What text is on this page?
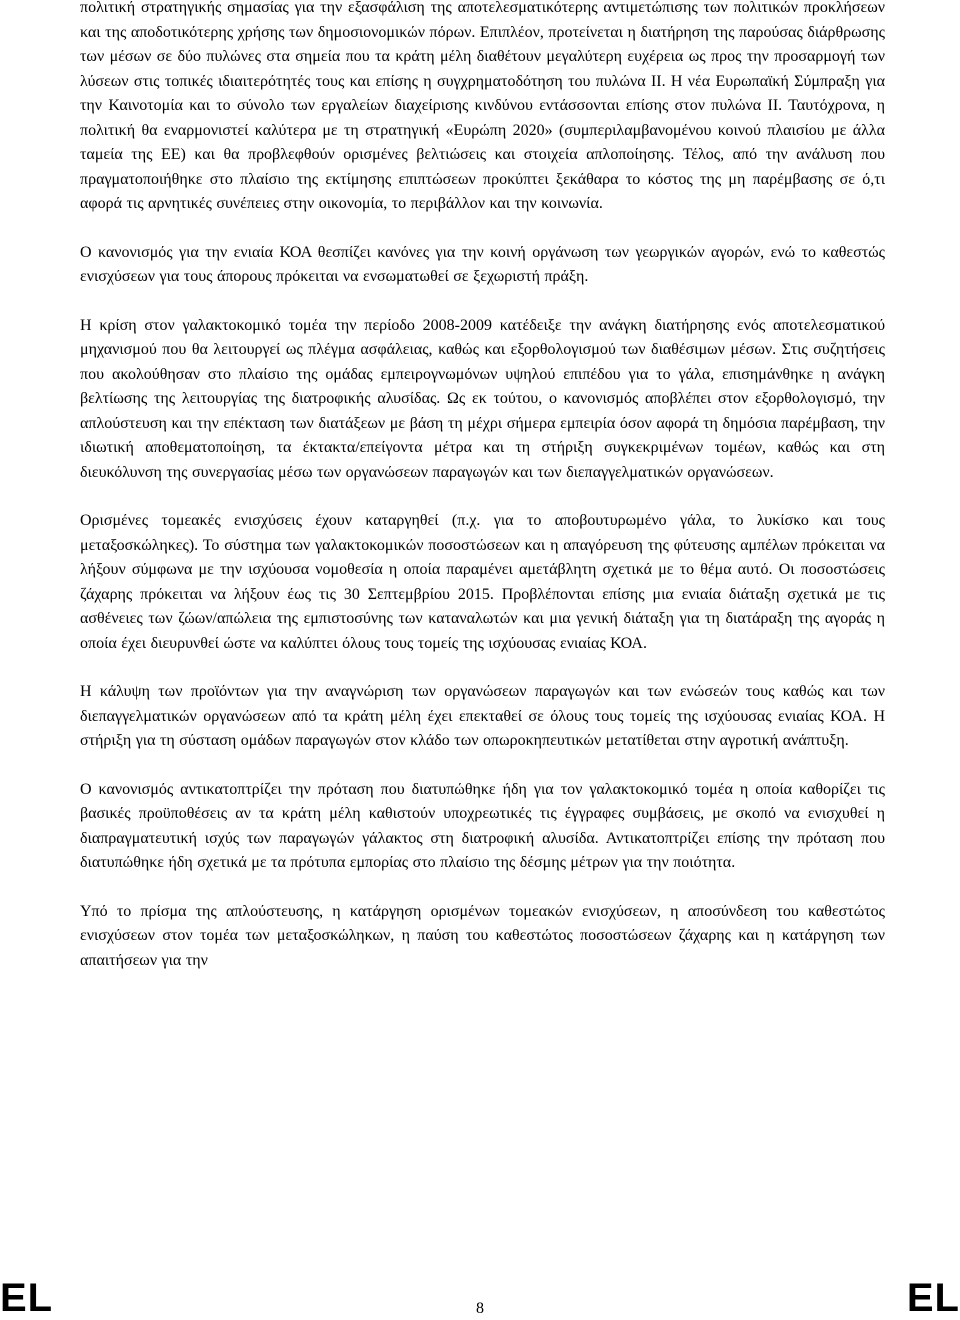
πολιτική στρατηγικής σημασίας για την εξασφάλιση της αποτελεσματικότερης αντιμετώπισης των πολιτικών προκλήσεων και της αποδοτικότερης χρήσης των δημοσιονομικών πόρων. Επιπλέον, προτείνεται η διατήρηση της παρούσας διάρθρωσης των μέσων σε δύο πυλώνες στα σημεία που τα κράτη μέλη διαθέτουν μεγαλύτερη ευχέρεια ως προς την προσαρμογή των λύσεων στις τοπικές ιδιαιτερότητές τους και επίσης η συγχρηματοδότηση του πυλώνα ΙΙ. Η νέα Ευρωπαϊκή Σύμπραξη για την Καινοτομία και το σύνολο των εργαλείων διαχείρισης κινδύνου εντάσσονται επίσης στον πυλώνα ΙΙ. Ταυτόχρονα, η πολιτική θα εναρμονιστεί καλύτερα με τη στρατηγική «Ευρώπη 2020» (συμπεριλαμβανομένου κοινού πλαισίου με άλλα ταμεία της ΕΕ) και θα προβλεφθούν ορισμένες βελτιώσεις και στοιχεία απλοποίησης. Τέλος, από την ανάλυση που πραγματοποιήθηκε στο πλαίσιο της εκτίμησης επιπτώσεων προκύπτει ξεκάθαρα το κόστος της μη παρέμβασης σε ό,τι αφορά τις αρνητικές συνέπειες στην οικονομία, το περιβάλλον και την κοινωνία.

Ο κανονισμός για την ενιαία ΚΟΑ θεσπίζει κανόνες για την κοινή οργάνωση των γεωργικών αγορών, ενώ το καθεστώς ενισχύσεων για τους άπορους πρόκειται να ενσωματωθεί σε ξεχωριστή πράξη.

Η κρίση στον γαλακτοκομικό τομέα την περίοδο 2008-2009 κατέδειξε την ανάγκη διατήρησης ενός αποτελεσματικού μηχανισμού που θα λειτουργεί ως πλέγμα ασφάλειας, καθώς και εξορθολογισμού των διαθέσιμων μέσων. Στις συζητήσεις που ακολούθησαν στο πλαίσιο της ομάδας εμπειρογνωμόνων υψηλού επιπέδου για το γάλα, επισημάνθηκε η ανάγκη βελτίωσης της λειτουργίας της διατροφικής αλυσίδας. Ως εκ τούτου, ο κανονισμός αποβλέπει στον εξορθολογισμό, την απλούστευση και την επέκταση των διατάξεων με βάση τη μέχρι σήμερα εμπειρία όσον αφορά τη δημόσια παρέμβαση, την ιδιωτική αποθεματοποίηση, τα έκτακτα/επείγοντα μέτρα και τη στήριξη συγκεκριμένων τομέων, καθώς και στη διευκόλυνση της συνεργασίας μέσω των οργανώσεων παραγωγών και των διεπαγγελματικών οργανώσεων.

Ορισμένες τομεακές ενισχύσεις έχουν καταργηθεί (π.χ. για το αποβουτυρωμένο γάλα, το λυκίσκο και τους μεταξοσκώληκες). Το σύστημα των γαλακτοκομικών ποσοστώσεων και η απαγόρευση της φύτευσης αμπέλων πρόκειται να λήξουν σύμφωνα με την ισχύουσα νομοθεσία η οποία παραμένει αμετάβλητη σχετικά με το θέμα αυτό. Οι ποσοστώσεις ζάχαρης πρόκειται να λήξουν έως τις 30 Σεπτεμβρίου 2015. Προβλέπονται επίσης μια ενιαία διάταξη σχετικά με τις ασθένειες των ζώων/απώλεια της εμπιστοσύνης των καταναλωτών και μια γενική διάταξη για τη διατάραξη της αγοράς η οποία έχει διευρυνθεί ώστε να καλύπτει όλους τους τομείς της ισχύουσας ενιαίας ΚΟΑ.

Η κάλυψη των προϊόντων για την αναγνώριση των οργανώσεων παραγωγών και των ενώσεών τους καθώς και των διεπαγγελματικών οργανώσεων από τα κράτη μέλη έχει επεκταθεί σε όλους τους τομείς της ισχύουσας ενιαίας ΚΟΑ. Η στήριξη για τη σύσταση ομάδων παραγωγών στον κλάδο των οπωροκηπευτικών μετατίθεται στην αγροτική ανάπτυξη.

Ο κανονισμός αντικατοπτρίζει την πρόταση που διατυπώθηκε ήδη για τον γαλακτοκομικό τομέα η οποία καθορίζει τις βασικές προϋποθέσεις αν τα κράτη μέλη καθιστούν υποχρεωτικές τις έγγραφες συμβάσεις, με σκοπό να ενισχυθεί η διαπραγματευτική ισχύς των παραγωγών γάλακτος στη διατροφική αλυσίδα. Αντικατοπτρίζει επίσης την πρόταση που διατυπώθηκε ήδη σχετικά με τα πρότυπα εμπορίας στο πλαίσιο της δέσμης μέτρων για την ποιότητα.

Υπό το πρίσμα της απλούστευσης, η κατάργηση ορισμένων τομεακών ενισχύσεων, η αποσύνδεση του καθεστώτος ενισχύσεων στον τομέα των μεταξοσκώληκων, η παύση του καθεστώτος ποσοστώσεων ζάχαρης και η κατάργηση των απαιτήσεων για την

EL	8	EL
